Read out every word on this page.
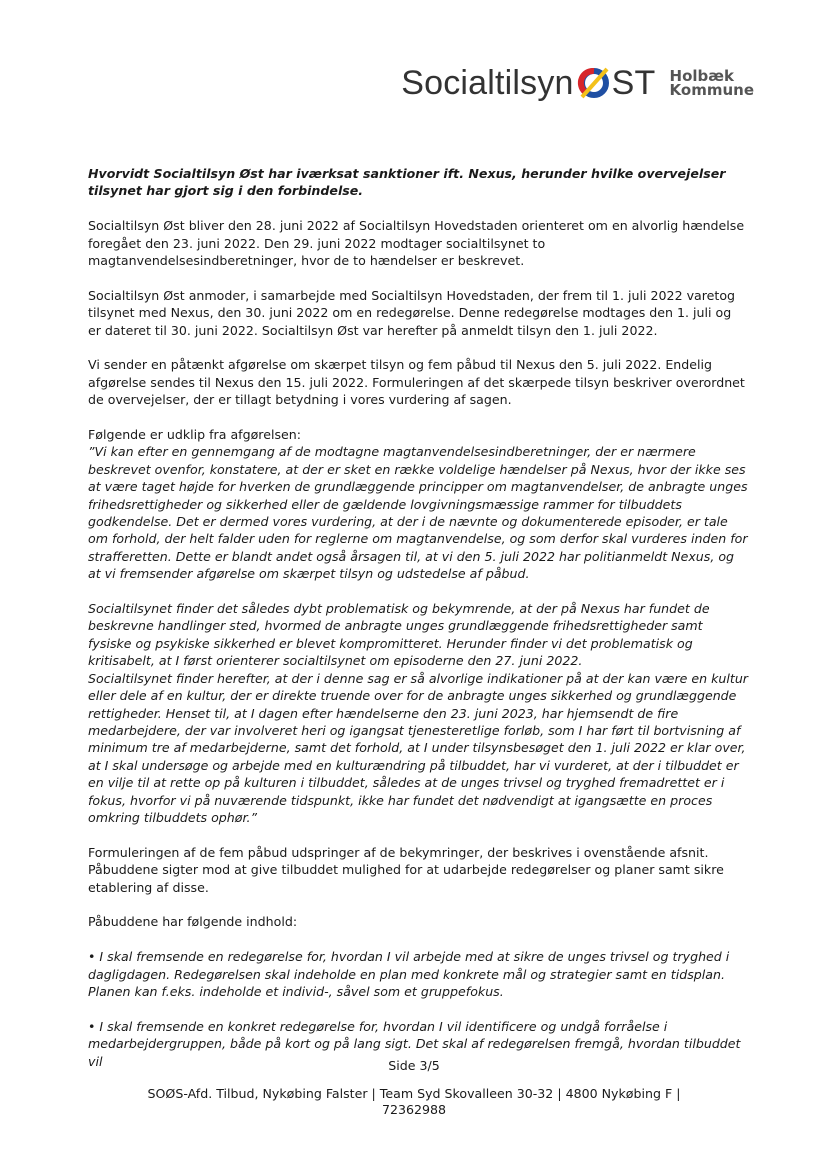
Socialtilsyn ST Holbæk
Kommune

Hvorvidt Socialtilsyn Øst har iværksat sanktioner ift. Nexus, herunder hvilke overvejelser tilsynet har gjort sig i den forbindelse.

Socialtilsyn Øst bliver den 28. juni 2022 af Socialtilsyn Hovedstaden orienteret om en alvorlig hændelse foregået den 23. juni 2022. Den 29. juni 2022 modtager socialtilsynet to magtanvendelsesindberetninger, hvor de to hændelser er beskrevet.

Socialtilsyn Øst anmoder, i samarbejde med Socialtilsyn Hovedstaden, der frem til 1. juli 2022 varetog tilsynet med Nexus, den 30. juni 2022 om en redegørelse. Denne redegørelse modtages den 1. juli og er dateret til 30. juni 2022. Socialtilsyn Øst var herefter på anmeldt tilsyn den 1. juli 2022.

Vi sender en påtænkt afgørelse om skærpet tilsyn og fem påbud til Nexus den 5. juli 2022. Endelig afgørelse sendes til Nexus den 15. juli 2022. Formuleringen af det skærpede tilsyn beskriver overordnet de overvejelser, der er tillagt betydning i vores vurdering af sagen.

Følgende er udklip fra afgørelsen:

”Vi kan efter en gennemgang af de modtagne magtanvendelsesindberetninger, der er nærmere beskrevet ovenfor, konstatere, at der er sket en række voldelige hændelser på Nexus, hvor der ikke ses at være taget højde for hverken de grundlæggende principper om magtanvendelser, de anbragte unges frihedsrettigheder og sikkerhed eller de gældende lovgivningsmæssige rammer for tilbuddets godkendelse. Det er dermed vores vurdering, at der i de nævnte og dokumenterede episoder, er tale om forhold, der helt falder uden for reglerne om magtanvendelse, og som derfor skal vurderes inden for strafferetten. Dette er blandt andet også årsagen til, at vi den 5. juli 2022 har politianmeldt Nexus, og at vi fremsender afgørelse om skærpet tilsyn og udstedelse af påbud.

Socialtilsynet finder det således dybt problematisk og bekymrende, at der på Nexus har fundet de beskrevne handlinger sted, hvormed de anbragte unges grundlæggende frihedsrettigheder samt fysiske og psykiske sikkerhed er blevet kompromitteret. Herunder finder vi det problematisk og kritisabelt, at I først orienterer socialtilsynet om episoderne den 27. juni 2022.

Socialtilsynet finder herefter, at der i denne sag er så alvorlige indikationer på at der kan være en kultur eller dele af en kultur, der er direkte truende over for de anbragte unges sikkerhed og grundlæggende rettigheder. Henset til, at I dagen efter hændelserne den 23. juni 2023, har hjemsendt de fire medarbejdere, der var involveret heri og igangsat tjenesteretlige forløb, som I har ført til bortvisning af minimum tre af medarbejderne, samt det forhold, at I under tilsynsbesøget den 1. juli 2022 er klar over, at I skal undersøge og arbejde med en kulturændring på tilbuddet, har vi vurderet, at der i tilbuddet er en vilje til at rette op på kulturen i tilbuddet, således at de unges trivsel og tryghed fremadrettet er i fokus, hvorfor vi på nuværende tidspunkt, ikke har fundet det nødvendigt at igangsætte en proces omkring tilbuddets ophør.”

Formuleringen af de fem påbud udspringer af de bekymringer, der beskrives i ovenstående afsnit. Påbuddene sigter mod at give tilbuddet mulighed for at udarbejde redegørelser og planer samt sikre etablering af disse.

Påbuddene har følgende indhold:

• I skal fremsende en redegørelse for, hvordan I vil arbejde med at sikre de unges trivsel og tryghed i dagligdagen. Redegørelsen skal indeholde en plan med konkrete mål og strategier samt en tidsplan. Planen kan f.eks. indeholde et individ-, såvel som et gruppefokus.

• I skal fremsende en konkret redegørelse for, hvordan I vil identificere og undgå forråelse i medarbejdergruppen, både på kort og på lang sigt. Det skal af redegørelsen fremgå, hvordan tilbuddet vil	Side 3/5
SOØS-Afd. Tilbud, Nykøbing Falster | Team Syd Skovalleen 30-32 | 4800 Nykøbing F | 72362988
